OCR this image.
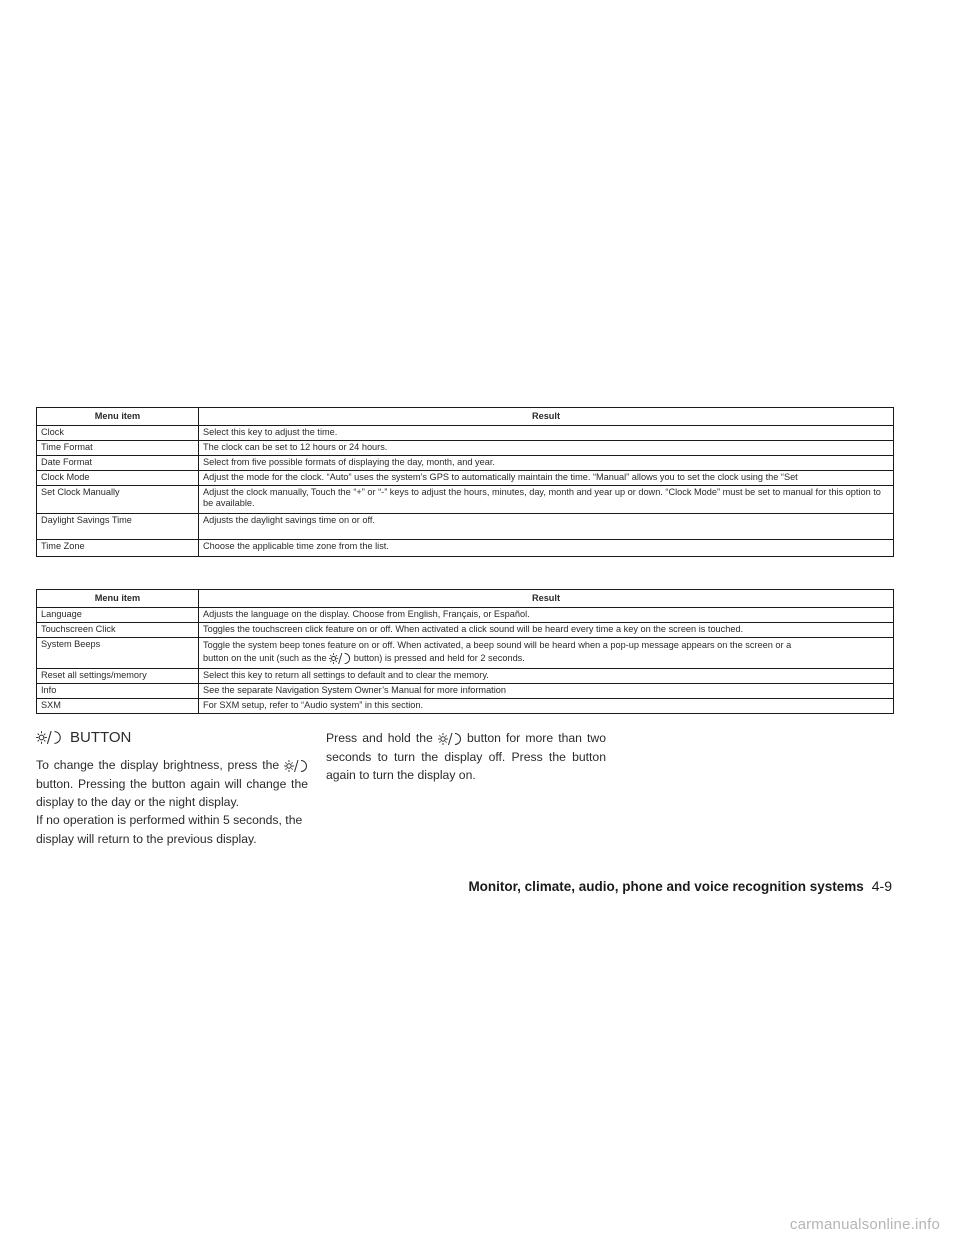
Menu item	Result
Clock	Select this key to adjust the time.
Time Format	The clock can be set to 12 hours or 24 hours.
Date Format	Select from five possible formats of displaying the day, month, and year.
Clock Mode	Adjust the mode for the clock. “Auto” uses the system’s GPS to automatically maintain the time. “Manual” allows you to set the clock using the “Set
Set Clock Manually	Adjust the clock manually, Touch the “+” or “-” keys to adjust the hours, minutes, day, month and year up or down. “Clock Mode” must be set to manual for this option to be available.

Daylight Savings Time	Adjusts the daylight savings time on or off.
Time Zone	Choose the applicable time zone from the list.
Menu item	Result
Language	Adjusts the language on the display. Choose from English, Français, or Español.
Touchscreen Click	Toggles the touchscreen click feature on or off. When activated a click sound will be heard every time a key on the screen is touched.
System Beeps	Toggle the system beep tones feature on or off. When activated, a beep sound will be heard when a pop-up message appears on the screen or a
button on the unit (such as the button) is pressed and held for 2 seconds.
Reset all settings/memory	Select this key to return all settings to default and to clear the memory.
Info	See the separate Navigation System Owner’s Manual for more information
SXM	For SXM setup, refer to “Audio system” in this section.
BUTTON
To change the display brightness, press the  button. Pressing the button again will change the display to the day or the night display.
If no operation is performed within 5 seconds, the display will return to the previous display.
Press and hold the	button for more than two seconds to turn the display off. Press the button again to turn the display on.
Monitor, climate, audio, phone and voice recognition systems 4-9
carmanualsonline.info
